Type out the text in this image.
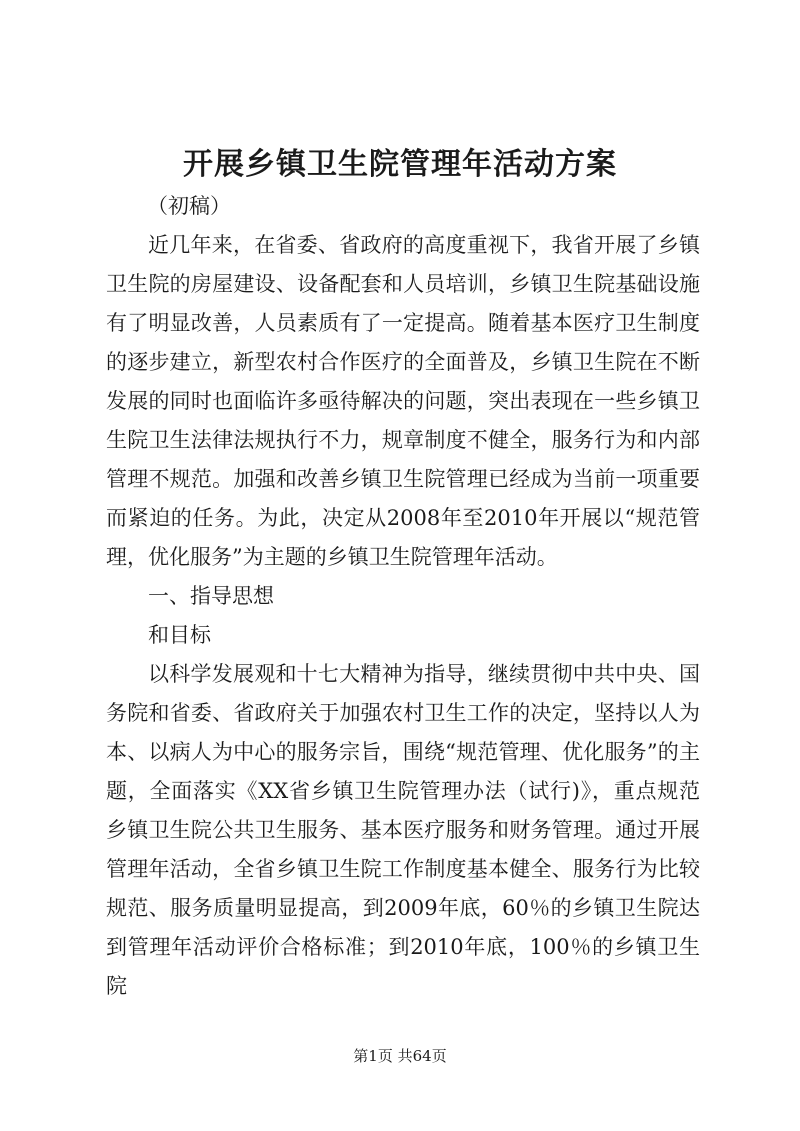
开展乡镇卫生院管理年活动方案
（初稿）

近几年来，在省委、省政府的高度重视下，我省开展了乡镇卫生院的房屋建设、设备配套和人员培训，乡镇卫生院基础设施有了明显改善，人员素质有了一定提高。随着基本医疗卫生制度的逐步建立，新型农村合作医疗的全面普及，乡镇卫生院在不断发展的同时也面临许多亟待解决的问题，突出表现在一些乡镇卫生院卫生法律法规执行不力，规章制度不健全，服务行为和内部管理不规范。加强和改善乡镇卫生院管理已经成为当前一项重要而紧迫的任务。为此，决定从2008年至2010年开展以“规范管理，优化服务”为主题的乡镇卫生院管理年活动。

一、指导思想

和目标

以科学发展观和十七大精神为指导，继续贯彻中共中央、国务院和省委、省政府关于加强农村卫生工作的决定，坚持以人为本、以病人为中心的服务宗旨，围绕“规范管理、优化服务”的主题，全面落实《XX省乡镇卫生院管理办法（试行)》，重点规范乡镇卫生院公共卫生服务、基本医疗服务和财务管理。通过开展管理年活动，全省乡镇卫生院工作制度基本健全、服务行为比较规范、服务质量明显提高，到2009年底，60％的乡镇卫生院达到管理年活动评价合格标准；到2010年底，100％的乡镇卫生院

第1页 共64页
